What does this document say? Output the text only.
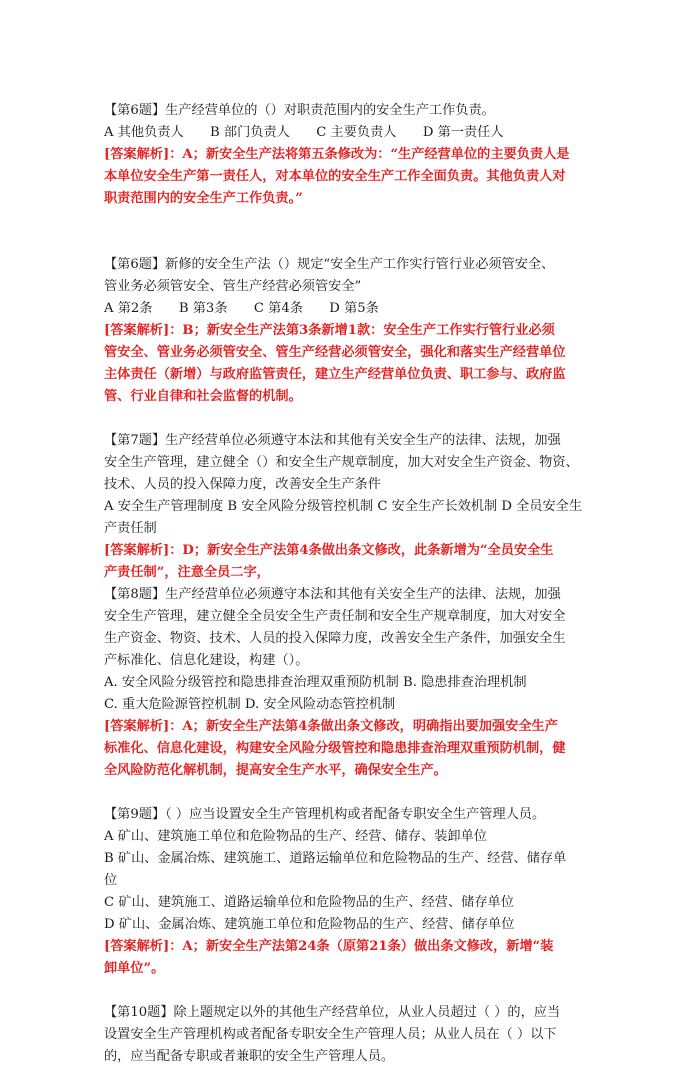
【第6题】生产经营单位的（）对职责范围内的安全生产工作负责。
A 其他负责人　　B 部门负责人　　C 主要负责人　　D 第一责任人
[答案解析]：A；新安全生产法将第五条修改为：“生产经营单位的主要负责人是
本单位安全生产第一责任人，对本单位的安全生产工作全面负责。其他负责人对
职责范围内的安全生产工作负责。”
【第6题】新修的安全生产法（）规定“安全生产工作实行管行业必须管安全、
管业务必须管安全、管生产经营必须管安全”
A 第2条　　B 第3条　　C 第4条　　D 第5条
[答案解析]：B；新安全生产法第3条新增1款：安全生产工作实行管行业必须
管安全、管业务必须管安全、管生产经营必须管安全，强化和落实生产经营单位
主体责任（新增）与政府监管责任，建立生产经营单位负责、职工参与、政府监
管、行业自律和社会监督的机制。
【第7题】生产经营单位必须遵守本法和其他有关安全生产的法律、法规，加强
安全生产管理，建立健全（）和安全生产规章制度，加大对安全生产资金、物资、
技术、人员的投入保障力度，改善安全生产条件
A 安全生产管理制度 B 安全风险分级管控机制 C 安全生产长效机制 D 全员安全生
产责任制
[答案解析]：D；新安全生产法第4条做出条文修改，此条新增为“全员安全生
产责任制”，注意全员二字，
【第8题】生产经营单位必须遵守本法和其他有关安全生产的法律、法规，加强
安全生产管理，建立健全全员安全生产责任制和安全生产规章制度，加大对安全
生产资金、物资、技术、人员的投入保障力度，改善安全生产条件，加强安全生
产标准化、信息化建设，构建（）。
A. 安全风险分级管控和隐患排查治理双重预防机制 B. 隐患排查治理机制
C. 重大危险源管控机制 D. 安全风险动态管控机制
[答案解析]：A；新安全生产法第4条做出条文修改，明确指出要加强安全生产
标准化、信息化建设，构建安全风险分级管控和隐患排查治理双重预防机制，健
全风险防范化解机制，提高安全生产水平，确保安全生产。
【第9题】（ ）应当设置安全生产管理机构或者配备专职安全生产管理人员。
A 矿山、建筑施工单位和危险物品的生产、经营、储存、装卸单位
B 矿山、金属冶炼、建筑施工、道路运输单位和危险物品的生产、经营、储存单
位
C 矿山、建筑施工、道路运输单位和危险物品的生产、经营、储存单位
D 矿山、金属冶炼、建筑施工单位和危险物品的生产、经营、储存单位
[答案解析]：A；新安全生产法第24条（原第21条）做出条文修改，新增“装
卸单位”。
【第10题】除上题规定以外的其他生产经营单位，从业人员超过（ ）的，应当
设置安全生产管理机构或者配备专职安全生产管理人员；从业人员在（ ）以下
的，应当配备专职或者兼职的安全生产管理人员。
